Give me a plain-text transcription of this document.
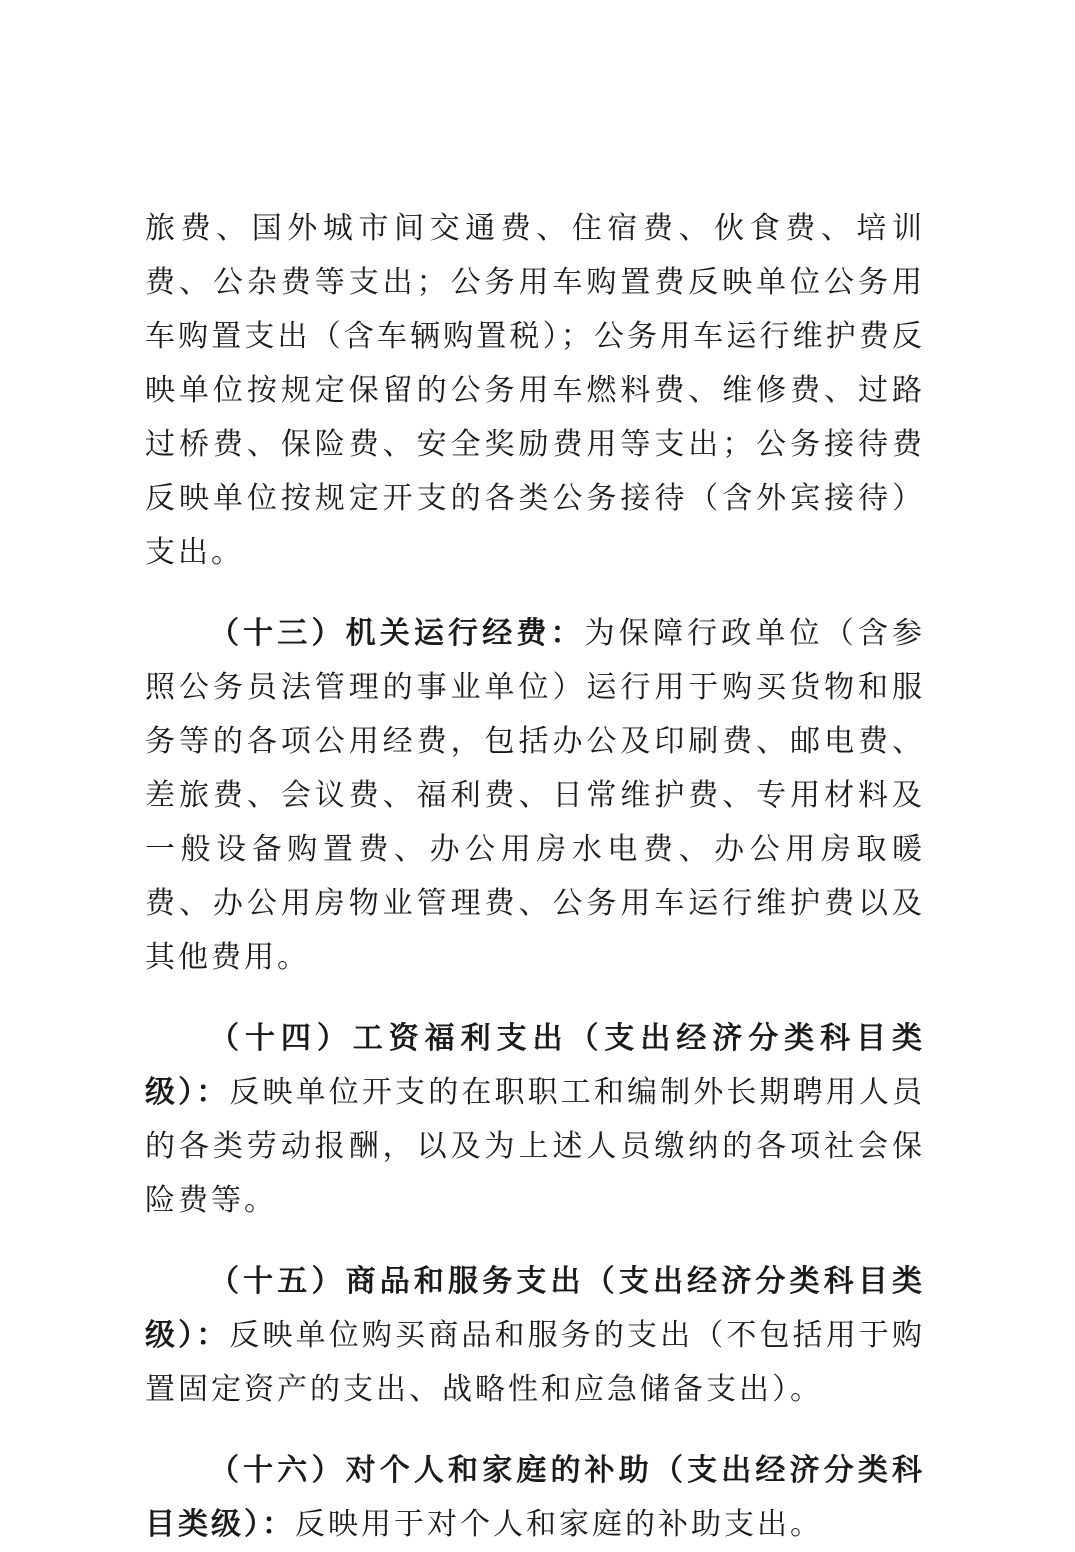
旅费、国外城市间交通费、住宿费、伙食费、培训费、公杂费等支出；公务用车购置费反映单位公务用车购置支出（含车辆购置税）；公务用车运行维护费反映单位按规定保留的公务用车燃料费、维修费、过路过桥费、保险费、安全奖励费用等支出；公务接待费反映单位按规定开支的各类公务接待（含外宾接待）支出。

（十三）机关运行经费：为保障行政单位（含参照公务员法管理的事业单位）运行用于购买货物和服务等的各项公用经费，包括办公及印刷费、邮电费、差旅费、会议费、福利费、日常维护费、专用材料及一般设备购置费、办公用房水电费、办公用房取暖费、办公用房物业管理费、公务用车运行维护费以及其他费用。

（十四）工资福利支出（支出经济分类科目类级）：反映单位开支的在职职工和编制外长期聘用人员的各类劳动报酬，以及为上述人员缴纳的各项社会保险费等。

（十五）商品和服务支出（支出经济分类科目类级）：反映单位购买商品和服务的支出（不包括用于购置固定资产的支出、战略性和应急储备支出）。

（十六）对个人和家庭的补助（支出经济分类科目类级）：反映用于对个人和家庭的补助支出。
